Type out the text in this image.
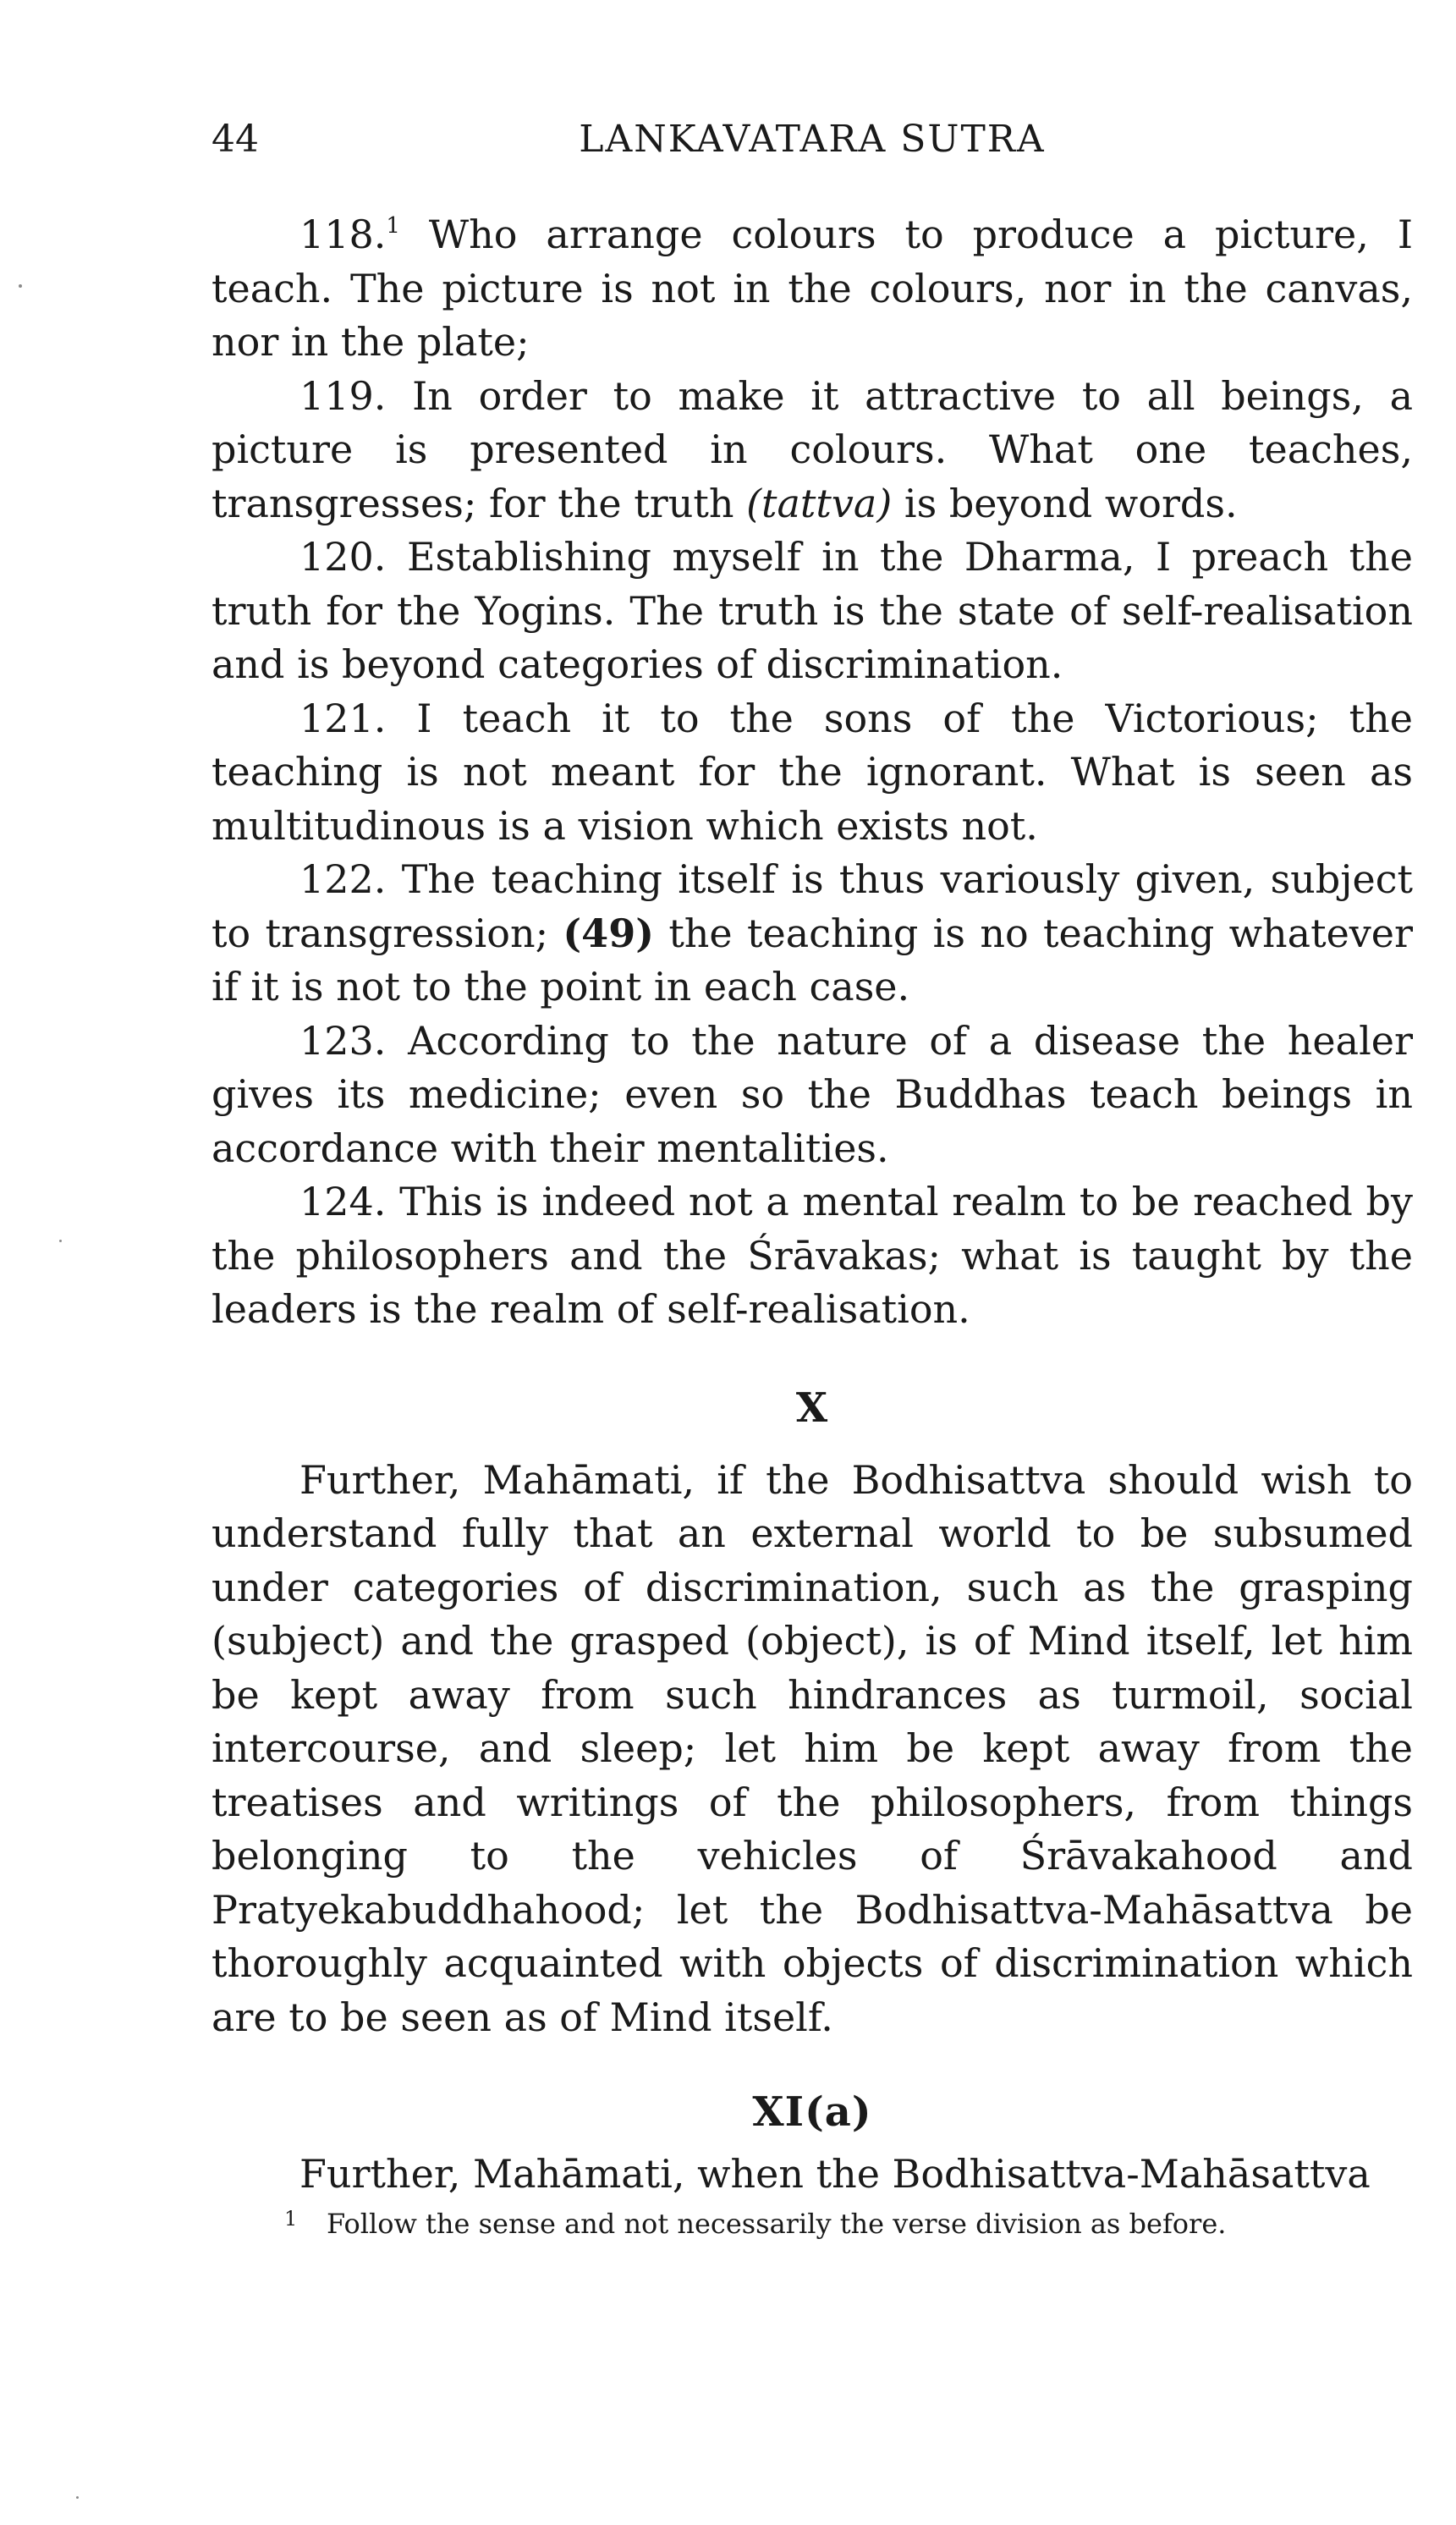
44	LANKAVATARA SUTRA

118.$^1$ Who arrange colours to produce a picture, I teach. The picture is not in the colours, nor in the canvas, nor in the plate;

119. In order to make it attractive to all beings, a picture is presented in colours. What one teaches, transgresses; for the truth (tattva) is beyond words.

120. Establishing myself in the Dharma, I preach the truth for the Yogins. The truth is the state of self-realisation and is beyond categories of discrimination.

121. I teach it to the sons of the Victorious; the teaching is not meant for the ignorant. What is seen as multitudinous is a vision which exists not.

122. The teaching itself is thus variously given, subject to transgression; (49) the teaching is no teaching whatever if it is not to the point in each case.

123. According to the nature of a disease the healer gives its medicine; even so the Buddhas teach beings in accordance with their mentalities.

124. This is indeed not a mental realm to be reached by the philosophers and the Śrāvakas; what is taught by the leaders is the realm of self-realisation.

X

Further, Mahāmati, if the Bodhisattva should wish to understand fully that an external world to be subsumed under categories of discrimination, such as the grasping (subject) and the grasped (object), is of Mind itself, let him be kept away from such hindrances as turmoil, social intercourse, and sleep; let him be kept away from the treatises and writings of the philosophers, from things belonging to the vehicles of Śrāvakahood and Pratyekabuddhahood; let the Bodhisattva-Mahāsattva be thoroughly acquainted with objects of discrimination which are to be seen as of Mind itself.

XI(a)

Further, Mahāmati, when the Bodhisattva-Mahāsattva

1	Follow the sense and not necessarily the verse division as before.
